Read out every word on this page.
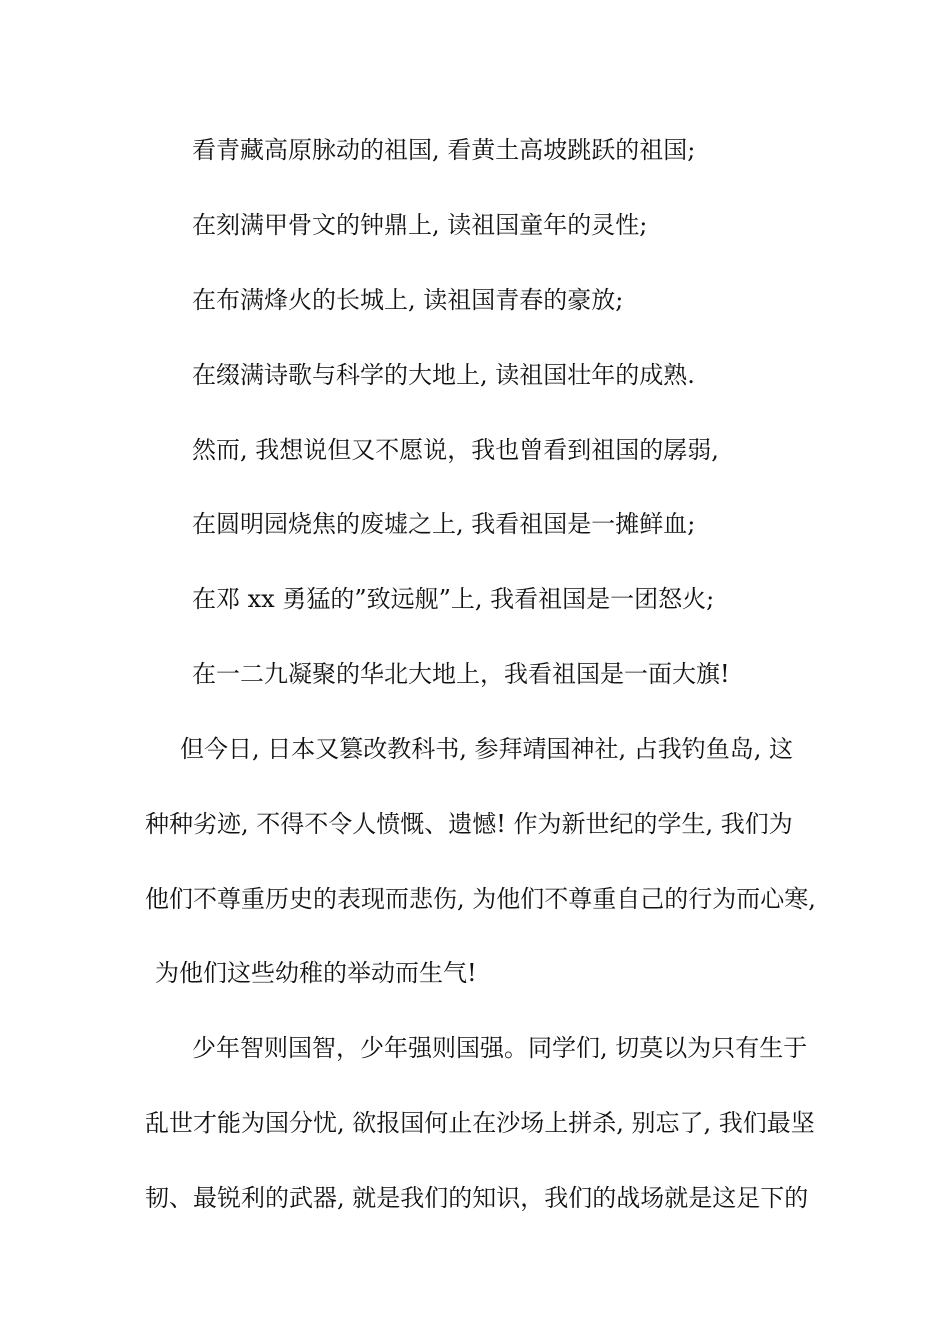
看青藏高原脉动的祖国, 看黄土高坡跳跃的祖国;

在刻满甲骨文的钟鼎上, 读祖国童年的灵性;

在布满烽火的长城上, 读祖国青春的豪放;

在缀满诗歌与科学的大地上, 读祖国壮年的成熟.

然而, 我想说但又不愿说，我也曾看到祖国的孱弱,

在圆明园烧焦的废墟之上, 我看祖国是一摊鲜血;

在邓 xx 勇猛的”致远舰”上, 我看祖国是一团怒火;

在一二九凝聚的华北大地上，我看祖国是一面大旗!

但今日, 日本又篡改教科书, 参拜靖国神社, 占我钓鱼岛, 这

种种劣迹, 不得不令人愤慨、遗憾! 作为新世纪的学生, 我们为

他们不尊重历史的表现而悲伤, 为他们不尊重自己的行为而心寒,

为他们这些幼稚的举动而生气!

少年智则国智，少年强则国强。同学们, 切莫以为只有生于

乱世才能为国分忧, 欲报国何止在沙场上拼杀, 别忘了, 我们最坚

韧、最锐利的武器, 就是我们的知识，我们的战场就是这足下的
